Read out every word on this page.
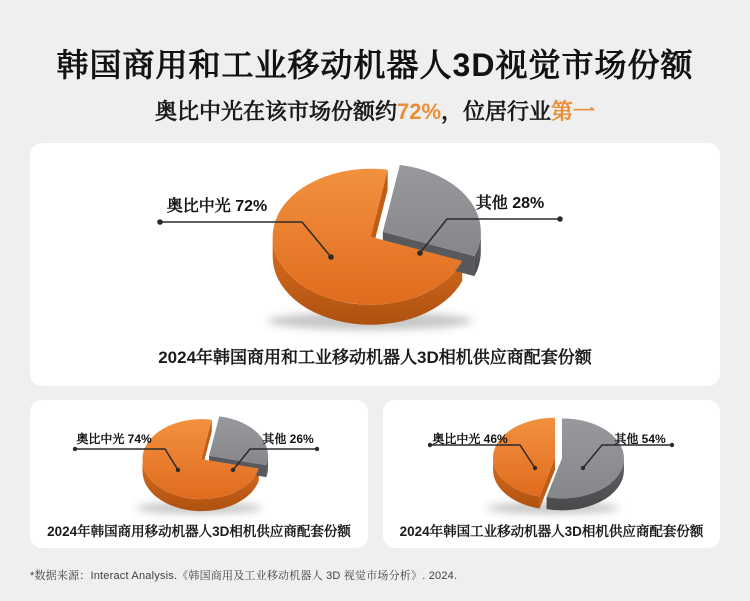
韩国商用和工业移动机器人3D视觉市场份额
奥比中光在该市场份额约72%，位居行业第一
奥比中光 72%	其他 28%
2024年韩国商用和工业移动机器人3D相机供应商配套份额
奥比中光 74%	其他 26%
2024年韩国商用移动机器人3D相机供应商配套份额
奥比中光 46%	其他 54%
2024年韩国工业移动机器人3D相机供应商配套份额
*数据来源：Interact Analysis.《韩国商用及工业移动机器人 3D 视觉市场分析》. 2024.
